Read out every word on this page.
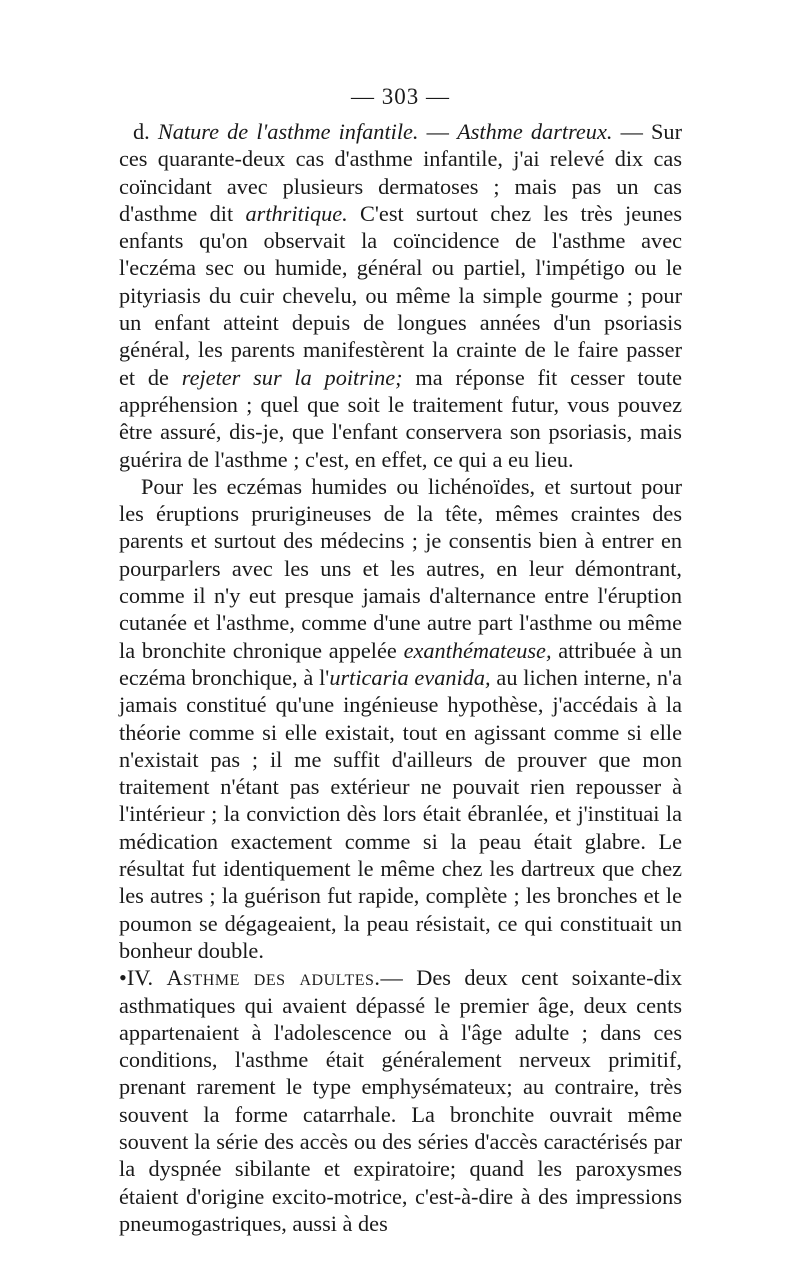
— 303 —

d. Nature de l'asthme infantile. — Asthme dartreux. — Sur ces quarante-deux cas d'asthme infantile, j'ai relevé dix cas coïncidant avec plusieurs dermatoses ; mais pas un cas d'asthme dit arthritique. C'est surtout chez les très jeunes enfants qu'on observait la coïncidence de l'asthme avec l'eczéma sec ou humide, général ou partiel, l'impétigo ou le pityriasis du cuir chevelu, ou même la simple gourme ; pour un enfant atteint depuis de longues années d'un psoriasis général, les parents manifestèrent la crainte de le faire passer et de rejeter sur la poitrine; ma réponse fit cesser toute appréhension ; quel que soit le traitement futur, vous pouvez être assuré, dis-je, que l'enfant conservera son psoriasis, mais guérira de l'asthme ; c'est, en effet, ce qui a eu lieu.

Pour les eczémas humides ou lichénoïdes, et surtout pour les éruptions prurigineuses de la tête, mêmes craintes des parents et surtout des médecins ; je consentis bien à entrer en pourparlers avec les uns et les autres, en leur démontrant, comme il n'y eut presque jamais d'alternance entre l'éruption cutanée et l'asthme, comme d'une autre part l'asthme ou même la bronchite chronique appelée exanthémateuse, attribuée à un eczéma bronchique, à l'urticaria evanida, au lichen interne, n'a jamais constitué qu'une ingénieuse hypothèse, j'accédais à la théorie comme si elle existait, tout en agissant comme si elle n'existait pas ; il me suffit d'ailleurs de prouver que mon traitement n'étant pas extérieur ne pouvait rien repousser à l'intérieur ; la conviction dès lors était ébranlée, et j'instituai la médication exactement comme si la peau était glabre. Le résultat fut identiquement le même chez les dartreux que chez les autres ; la guérison fut rapide, complète ; les bronches et le poumon se dégageaient, la peau résistait, ce qui constituait un bonheur double.

•IV. Asthme des adultes.— Des deux cent soixante-dix asthmatiques qui avaient dépassé le premier âge, deux cents appartenaient à l'adolescence ou à l'âge adulte ; dans ces conditions, l'asthme était généralement nerveux primitif, prenant rarement le type emphysémateux; au contraire, très souvent la forme catarrhale. La bronchite ouvrait même souvent la série des accès ou des séries d'accès caractérisés par la dyspnée sibilante et expiratoire; quand les paroxysmes étaient d'origine excito-motrice, c'est-à-dire à des impressions pneumogastriques, aussi à des
